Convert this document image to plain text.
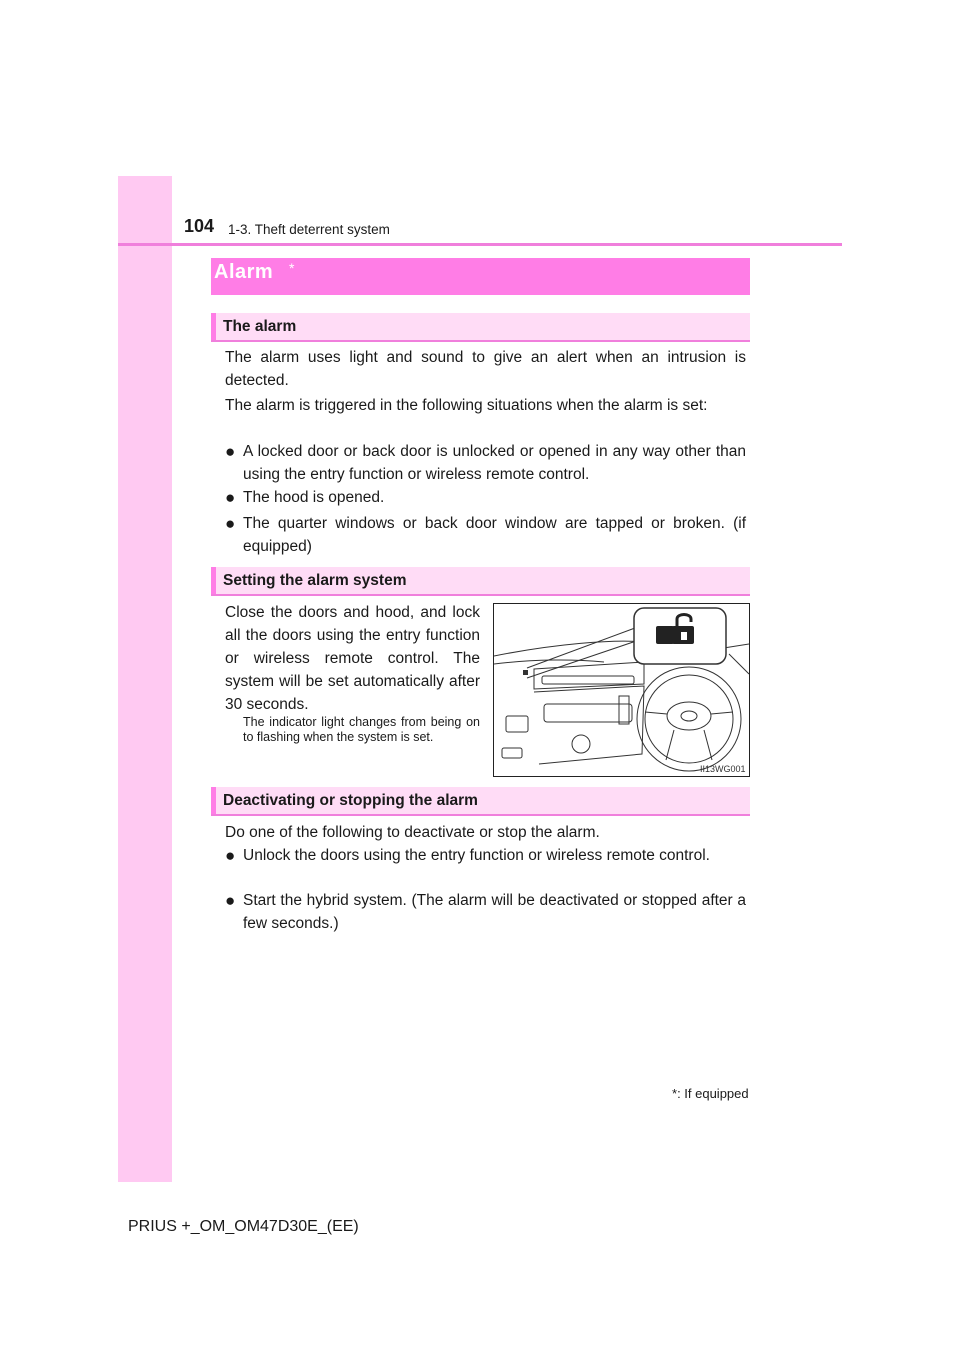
104 1-3. Theft deterrent system
Alarm *
The alarm
The alarm uses light and sound to give an alert when an intrusion is detected.
The alarm is triggered in the following situations when the alarm is set:
● A locked door or back door is unlocked or opened in any way other than using the entry function or wireless remote control.
● The hood is opened.
● The quarter windows or back door window are tapped or broken. (if equipped)
Setting the alarm system
Close the doors and hood, and lock all the doors using the entry function or wireless remote control. The system will be set automatically after 30 seconds.
The indicator light changes from being on to flashing when the system is set.
II13WG001
Deactivating or stopping the alarm
Do one of the following to deactivate or stop the alarm.
● Unlock the doors using the entry function or wireless remote control.
● Start the hybrid system. (The alarm will be deactivated or stopped after a few seconds.)
*: If equipped
PRIUS +_OM_OM47D30E_(EE)
